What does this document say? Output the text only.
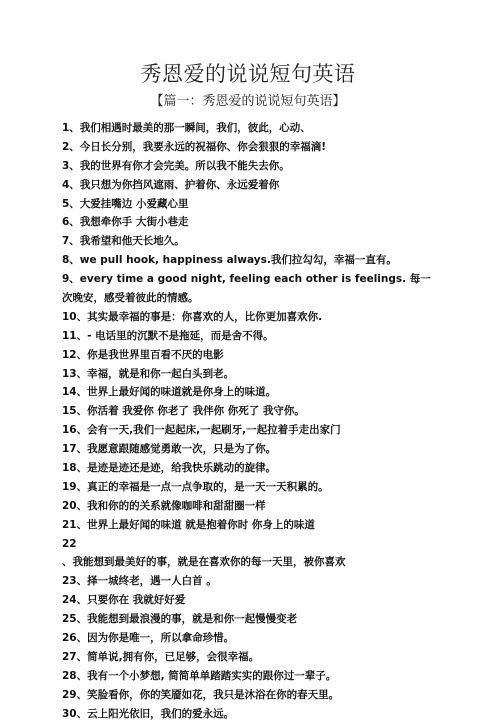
秀恩爱的说说短句英语
【篇一：秀恩爱的说说短句英语】
1、我们相遇时最美的那一瞬间，我们，彼此，心动、
2、今日长分别，我要永远的祝福你、你会狠狠的幸福滴!
3、我的世界有你才会完美。所以我不能失去你。
4、我只想为你挡风遮雨、护着你、永远爱着你
5、大爱挂嘴边 小爱藏心里
6、我想牵你手 大街小巷走
7、我希望和他天长地久。
8、we pull hook, happiness always.我们拉勾勾，幸福一直有。
9、every time a good night, feeling each other is feelings. 每一
次晚安，感受着彼此的情感。
10、其实最幸福的事是：你喜欢的人，比你更加喜欢你.
11、- 电话里的沉默不是拖延，而是舍不得。
12、你是我世界里百看不厌的电影
13、幸福，就是和你一起白头到老。
14、世界上最好闻的味道就是你身上的味道。
15、你活着 我爱你 你老了 我伴你 你死了 我守你。
16、会有一天,我们一起起床,一起刷牙,一起拉着手走出家门
17、我愿意跟随感觉勇敢一次，只是为了你。
18、是迹是迹还是迹，给我快乐跳动的旋律。
19、真正的幸福是一点一点争取的，是一天一天积累的。
20、我和你的的关系就像咖啡和甜甜圈一样
21、世界上最好闻的味道 就是抱着你时 你身上的味道
22
、我能想到最美好的事，就是在喜欢你的每一天里，被你喜欢
23、择一城终老，遇一人白首 。
24、只要你在 我就好好爱
25、我能想到最浪漫的事，就是和你一起慢慢变老
26、因为你是唯一，所以拿命珍惜。
27、简单说,拥有你，已足够，会很幸福。
28、我有一个小梦想, 简简单单踏踏实实的跟你过一辈子。
29、笑脸看你，你的笑靥如花，我只是沐浴在你的春天里。
30、云上阳光依旧，我们的爱永远。
